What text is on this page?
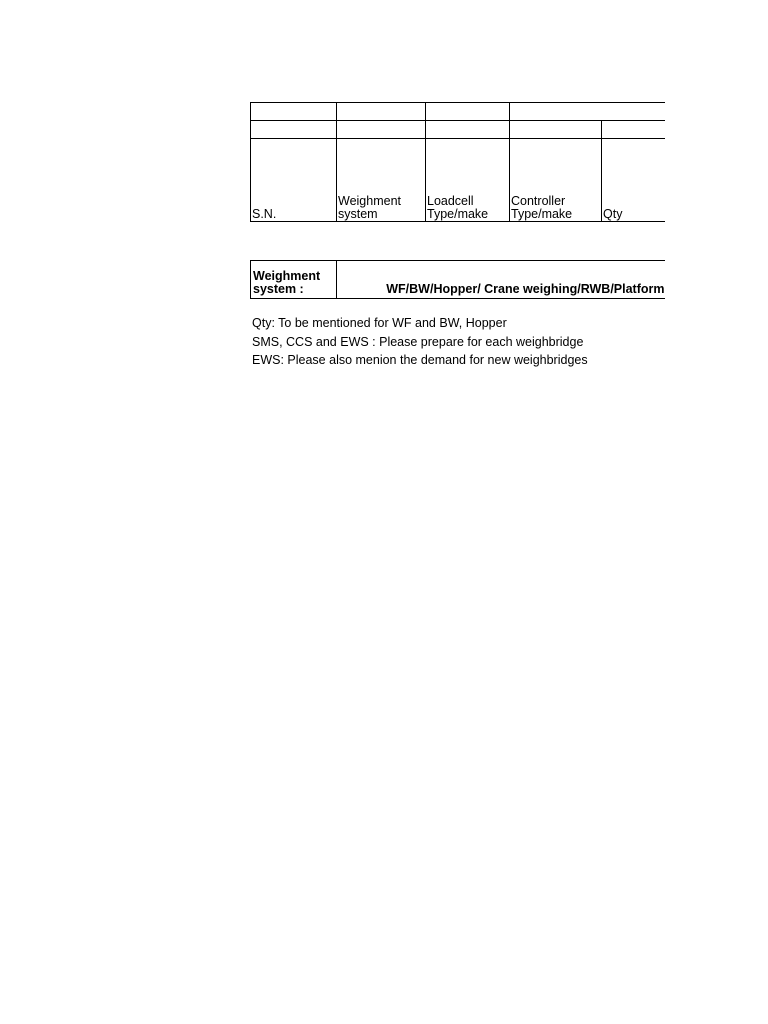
S.N.	Weighment system	Loadcell Type/make	Controller Type/make	Qty
Weighment system :	WF/BW/Hopper/ Crane weighing/RWB/Platform
Qty: To be mentioned for WF and BW, Hopper
SMS, CCS and EWS : Please prepare for each weighbridge
EWS: Please also menion the demand for new weighbridges
